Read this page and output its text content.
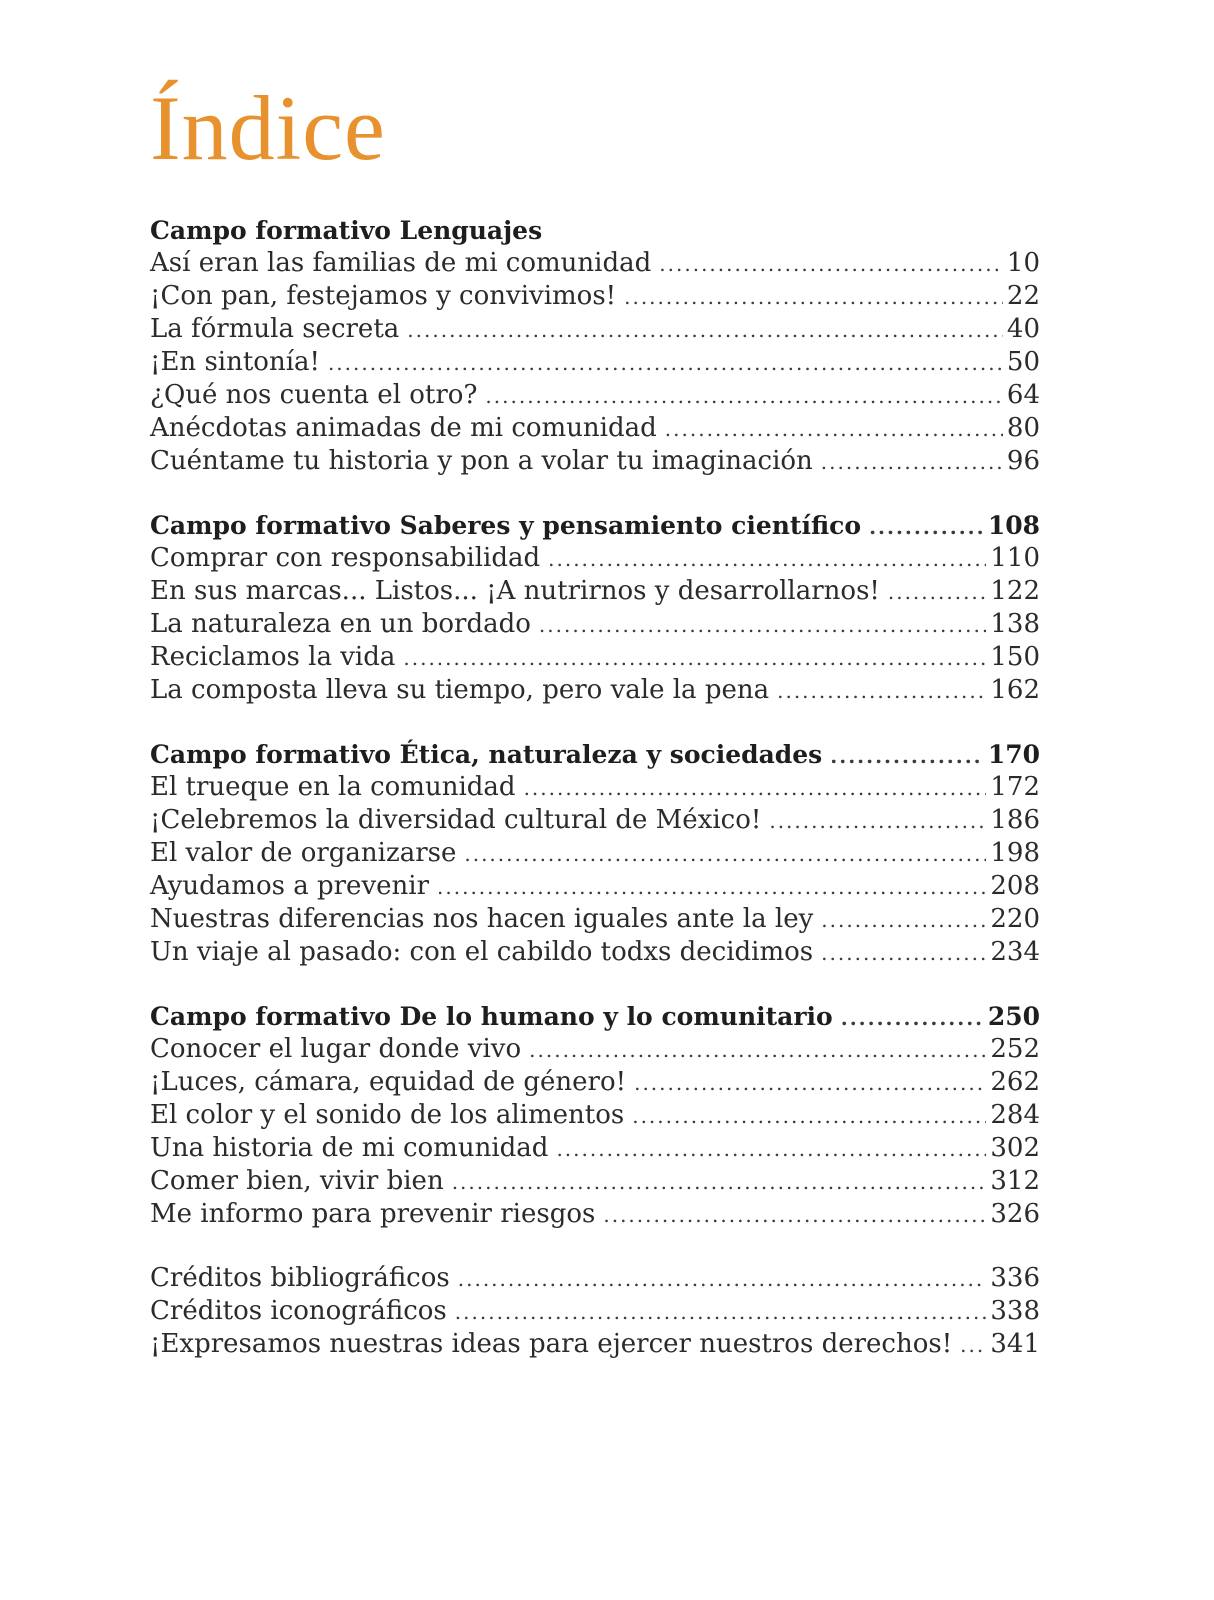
Índice
Campo formativo Lenguajes
Así eran las familias de mi comunidad .....	10
¡Con pan, festejamos y convivimos! .....	22
La fórmula secreta .....	40
¡En sintonía! .....	50
¿Qué nos cuenta el otro? .....	64
Anécdotas animadas de mi comunidad .....	80
Cuéntame tu historia y pon a volar tu imaginación .....	96
Campo formativo Saberes y pensamiento científico .....	108
Comprar con responsabilidad .....	110
En sus marcas... Listos... ¡A nutrirnos y desarrollarnos! .....	122
La naturaleza en un bordado .....	138
Reciclamos la vida .....	150
La composta lleva su tiempo, pero vale la pena .....	162
Campo formativo Ética, naturaleza y sociedades .....	170
El trueque en la comunidad .....	172
¡Celebremos la diversidad cultural de México! .....	186
El valor de organizarse .....	198
Ayudamos a prevenir .....	208
Nuestras diferencias nos hacen iguales ante la ley .....	220
Un viaje al pasado: con el cabildo todxs decidimos .....	234
Campo formativo De lo humano y lo comunitario .....	250
Conocer el lugar donde vivo .....	252
¡Luces, cámara, equidad de género! .....	262
El color y el sonido de los alimentos .....	284
Una historia de mi comunidad .....	302
Comer bien, vivir bien .....	312
Me informo para prevenir riesgos .....	326
Créditos bibliográficos .....	336
Créditos iconográficos .....	338
¡Expresamos nuestras ideas para ejercer nuestros derechos! ..... 341
